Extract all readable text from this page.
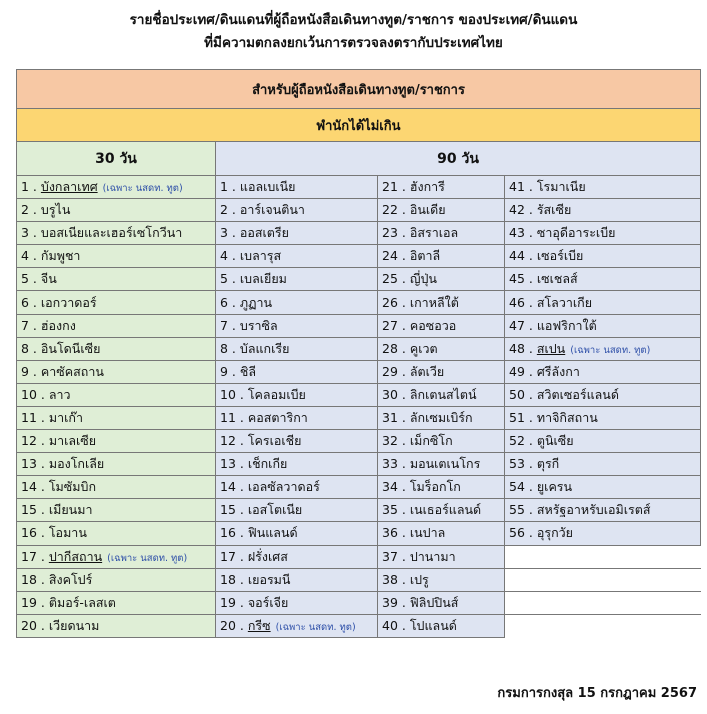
รายชื่อประเทศ/ดินแดนที่ผู้ถือหนังสือเดินทางทูต/ราชการ ของประเทศ/ดินแดน
ที่มีความตกลงยกเว้นการตรวจลงตรากับประเทศไทย
สำหรับผู้ถือหนังสือเดินทางทูต/ราชการ			
พำนักได้ไม่เกิน			
30 วัน	90 วัน		
1 . บังกลาเทศ (เฉพาะ นสดท. ทูต)	1 . แอลเบเนีย	21 . ฮังการี	41 . โรมาเนีย
2 . บรูไน	2 . อาร์เจนตินา	22 . อินเดีย	42 . รัสเซีย
3 . บอสเนียและเฮอร์เซโกวีนา	3 . ออสเตรีย	23 . อิสราเอล	43 . ซาอุดีอาระเบีย
4 . กัมพูชา	4 . เบลารุส	24 . อิตาลี	44 . เซอร์เบีย
5 . จีน	5 . เบลเยียม	25 . ญี่ปุ่น	45 . เซเชลส์
6 . เอกวาดอร์	6 . ภูฏาน	26 . เกาหลีใต้	46 . สโลวาเกีย
7 . ฮ่องกง	7 . บราซิล	27 . คอซอวอ	47 . แอฟริกาใต้
8 . อินโดนีเซีย	8 . บัลแกเรีย	28 . คูเวต	48 . สเปน (เฉพาะ นสดท. ทูต)
9 . คาซัคสถาน	9 . ชิลี	29 . ลัตเวีย	49 . ศรีลังกา
10 . ลาว	10 . โคลอมเบีย	30 . ลิกเตนสไตน์	50 . สวิตเซอร์แลนด์
11 . มาเก๊า	11 . คอสตาริกา	31 . ลักเซมเบิร์ก	51 . ทาจิกิสถาน
12 . มาเลเซีย	12 . โครเอเชีย	32 . เม็กซิโก	52 . ตูนิเซีย
13 . มองโกเลีย	13 . เช็กเกีย	33 . มอนเตเนโกร	53 . ตุรกี
14 . โมซัมบิก	14 . เอลซัลวาดอร์	34 . โมร็อกโก	54 . ยูเครน
15 . เมียนมา	15 . เอสโตเนีย	35 . เนเธอร์แลนด์	55 . สหรัฐอาหรับเอมิเรตส์
16 . โอมาน	16 . ฟินแลนด์	36 . เนปาล	56 . อุรุกวัย
17 . ปากีสถาน (เฉพาะ นสดท. ทูต)	17 . ฝรั่งเศส	37 . ปานามา	
18 . สิงคโปร์	18 . เยอรมนี	38 . เปรู	
19 . ติมอร์-เลสเต	19 . จอร์เจีย	39 . ฟิลิปปินส์	
20 . เวียดนาม	20 . กรีซ (เฉพาะ นสดท. ทูต)	40 . โปแลนด์	
กรมการกงสุล 15 กรกฎาคม 2567
